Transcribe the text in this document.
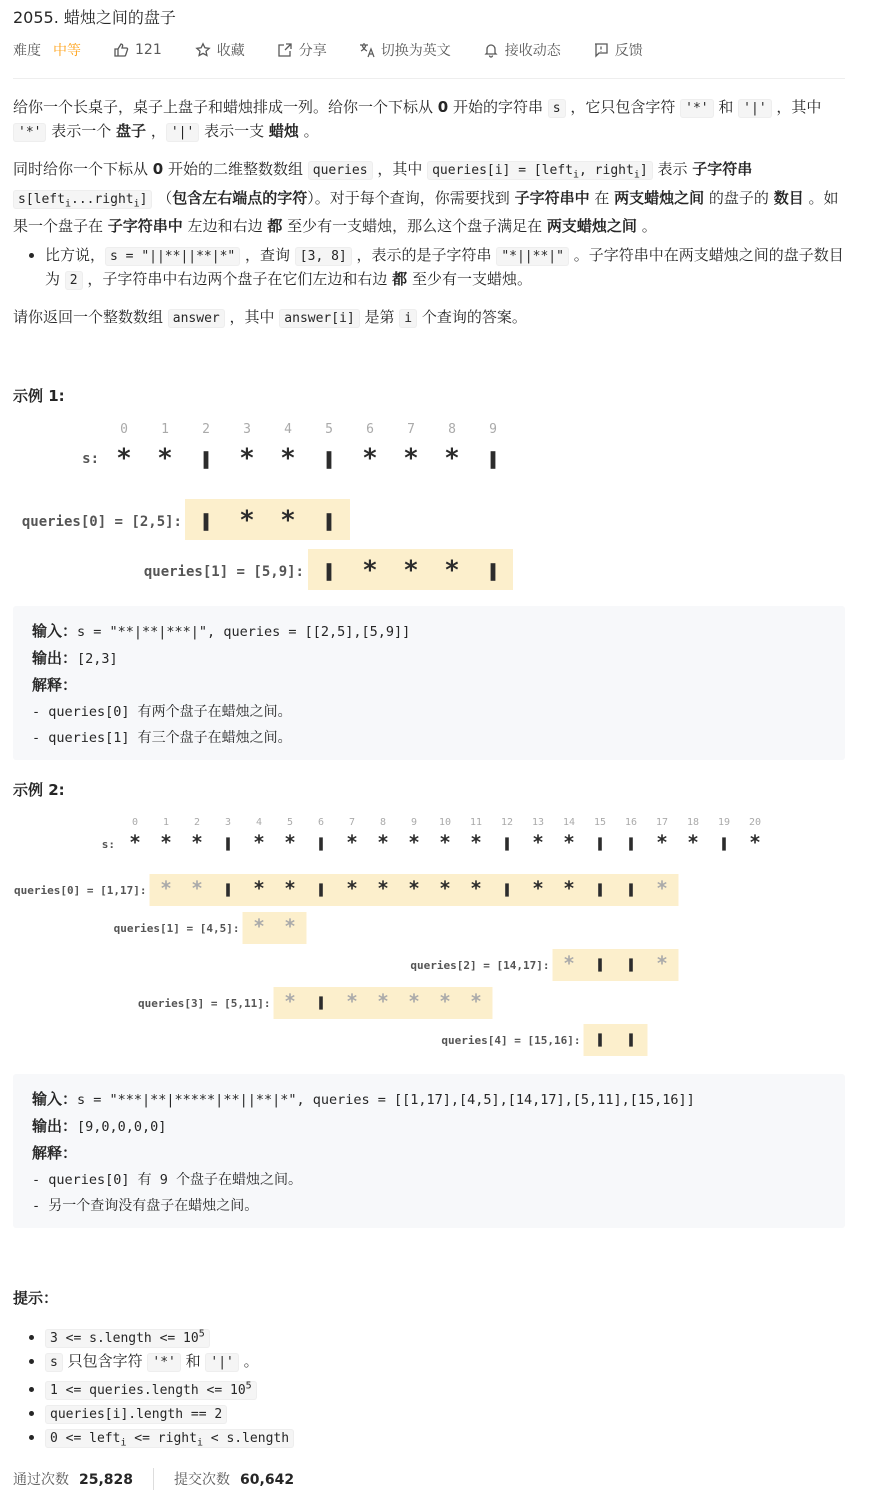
2055. 蜡烛之间的盘子
难度 中等	121	收藏	分享	切换为英文	接收动态	反馈
给你一个长桌子，桌子上盘子和蜡烛排成一列。给你一个下标从 0 开始的字符串 s ，它只包含字符 '*' 和 '|' ，其中 '*' 表示一个 盘子 ， '|' 表示一支 蜡烛 。
同时给你一个下标从 0 开始的二维整数数组 queries ，其中 queries[i] = [left$_i$, right$_i$] 表示 子字符串 s[left$_i$...right$_i$] （包含左右端点的字符）。对于每个查询，你需要找到 子字符串中 在 两支蜡烛之间 的盘子的 数目 。如果一个盘子在 子字符串中 左边和右边 都 至少有一支蜡烛，那么这个盘子满足在 两支蜡烛之间 。
• 比方说， s = "||**||**|*" ，查询 [3, 8] ，表示的是子字符串 "*||**|" 。子字符串中在两支蜡烛之间的盘子数目为 2 ，子字符串中右边两个盘子在它们左边和右边 都 至少有一支蜡烛。
请你返回一个整数数组 answer ，其中 answer[i] 是第 i 个查询的答案。
示例 1:
0	1	2	3	4	5	6	7	8	9
s: * *	* *	* * *
queries[0] = [2,5]: * *
queries[1] = [5,9]: * * *
输入：s = "**|**|***|", queries = [[2,5],[5,9]]
输出：[2,3]
解释：
- queries[0] 有两个盘子在蜡烛之间。
- queries[1] 有三个盘子在蜡烛之间。
示例 2:
0 1 2 3 4 5 6 7 8 9 10 11 12 13 14 15 16 17 18 19 20
s: * * *	* *	* * * * *	* *	* *	*
queries[0] = [1,17]: * *	* *	* * * * *	* *	*
queries[1] = [4,5]: * *
queries[2] = [14,17]: *	*
queries[3] = [5,11]: *	* * * * *
queries[4] = [15,16]:
输入：s = "***|**|*****|**||**|*", queries = [[1,17],[4,5],[14,17],[5,11],[15,16]]
输出：[9,0,0,0,0]
解释：
- queries[0] 有 9 个盘子在蜡烛之间。
- 另一个查询没有盘子在蜡烛之间。
提示：
• 3 <= s.length <= $10^5$
• s 只包含字符 '*' 和 '|' 。
• 1 <= queries.length <= $10^5$
• queries[i].length == 2
• 0 <= left$_i$ <= right$_i$ < s.length
通过次数 25,828	提交次数 60,642
